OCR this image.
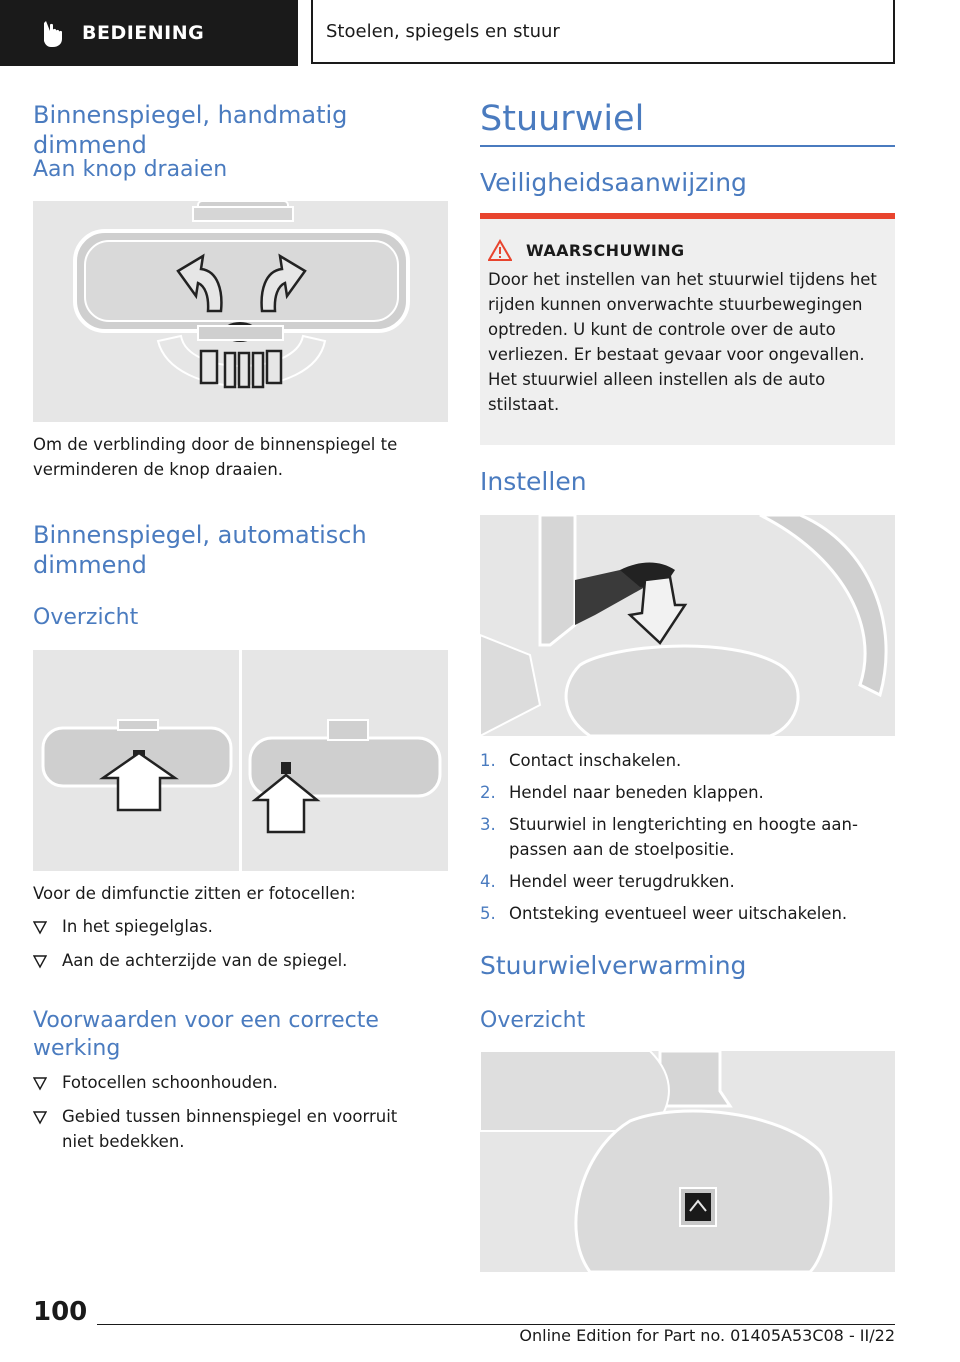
BEDIENING	Stoelen, spiegels en stuur
Binnenspiegel, handmatig dimmend
Aan knop draaien

Om de verblinding door de binnenspiegel te verminderen de knop draaien.

Binnenspiegel, automatisch dimmend
Overzicht

Voor de dimfunctie zitten er fotocellen:

In het spiegelglas.
Aan de achterzijde van de spiegel.
Voorwaarden voor een correcte werking
Fotocellen schoonhouden.
Gebied tussen binnenspiegel en voorruit niet bedekken.
Stuurwiel
Veiligheidsaanwijzing
WAARSCHUWING
Door het instellen van het stuurwiel tijdens het rijden kunnen onverwachte stuurbewegingen optreden. U kunt de controle over de auto verliezen. Er bestaat gevaar voor ongevallen. Het stuurwiel alleen instellen als de auto stilstaat.
Instellen
1. Contact inschakelen.
2. Hendel naar beneden klappen.
3. Stuurwiel in lengterichting en hoogte aanpassen aan de stoelpositie.
4. Hendel weer terugdrukken.
5. Ontsteking eventueel weer uitschakelen.
Stuurwielverwarming
Overzicht
100
Online Edition for Part no. 01405A53C08 - II/22
